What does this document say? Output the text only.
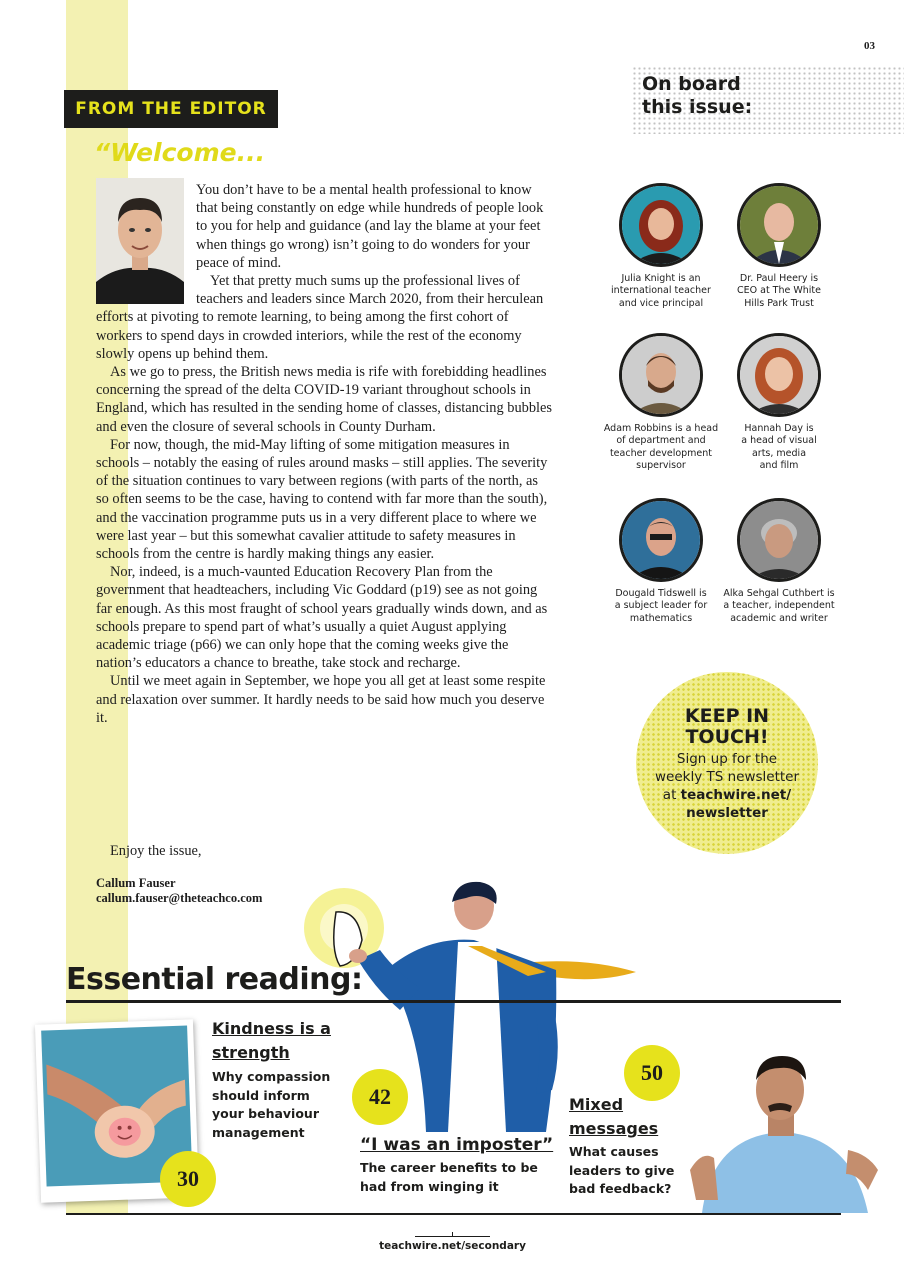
03
FROM THE EDITOR
“Welcome...

You don’t have to be a mental health professional to know that being constantly on edge while hundreds of people look to you for help and guidance (and lay the blame at your feet when things go wrong) isn’t going to do wonders for your peace of mind.

Yet that pretty much sums up the professional lives of teachers and leaders since March 2020, from their herculean efforts at pivoting to remote learning, to being among the first cohort of workers to spend days in crowded interiors, while the rest of the economy slowly opens up behind them.

As we go to press, the British news media is rife with forebidding headlines concerning the spread of the delta COVID-19 variant throughout schools in England, which has resulted in the sending home of classes, distancing bubbles and even the closure of several schools in County Durham.

For now, though, the mid-May lifting of some mitigation measures in schools – notably the easing of rules around masks – still applies. The severity of the situation continues to vary between regions (with parts of the north, as so often seems to be the case, having to contend with far more than the south), and the vaccination programme puts us in a very different place to where we were last year – but this somewhat cavalier attitude to safety measures in schools from the centre is hardly making things any easier.

Nor, indeed, is a much-vaunted Education Recovery Plan from the government that headteachers, including Vic Goddard (p19) see as not going far enough. As this most fraught of school years gradually winds down, and as schools prepare to spend part of what’s usually a quiet August applying academic triage (p66) we can only hope that the coming weeks give the nation’s educators a chance to breathe, take stock and recharge.

Until we meet again in September, we hope you all get at least some respite and relaxation over summer. It hardly needs to be said how much you deserve it.

Enjoy the issue,
Callum Fauser
callum.fauser@theteachco.com
On board
this issue:
Julia Knight is an
international teacher
and vice principal
Dr. Paul Heery is
CEO at The White
Hills Park Trust
Adam Robbins is a head
of department and
teacher development
supervisor
Hannah Day is
a head of visual
arts, media
and film
Dougald Tidswell is
a subject leader for
mathematics
Alka Sehgal Cuthbert is
a teacher, independent
academic and writer
KEEP IN
TOUCH!
Sign up for the
weekly TS newsletter
at teachwire.net/
newsletter
Essential reading:
Kindness is a
strength
Why compassion
should inform
your behaviour
management
30
42
“I was an imposter”
The career benefits to be
had from winging it
50
Mixed
messages
What causes
leaders to give
bad feedback?
teachwire.net/secondary
